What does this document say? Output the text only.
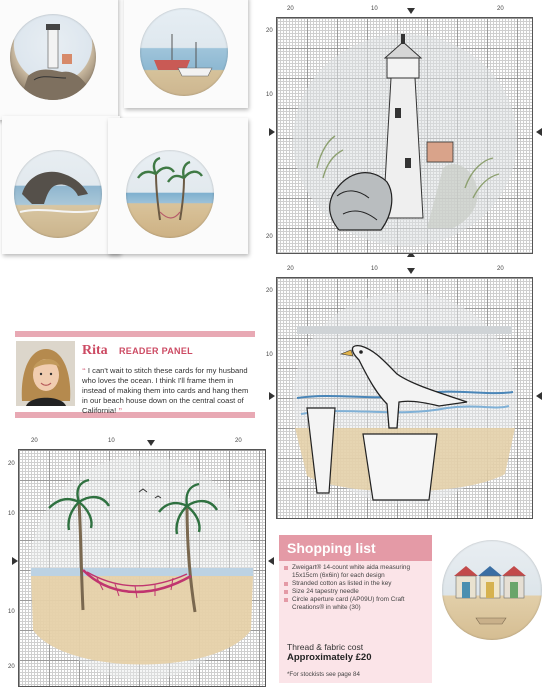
20	10	20
20
10
20
20	10	20
20
10
Rita READER PANEL

“ I can't wait to stitch these cards for my husband who loves the ocean. I think I'll frame them in instead of making them into cards and hang them in our beach house down on the central coast of California! ”

20	10	20
20
10
10
20
Shopping list
Zweigart® 14-count white aida measuring 15x15cm (6x6in) for each design
Stranded cotton as listed in the key
Size 24 tapestry needle
Circle aperture card (AP09U) from Craft Creations® in white (30)
Thread & fabric cost
Approximately £20
*For stockists see page 84
